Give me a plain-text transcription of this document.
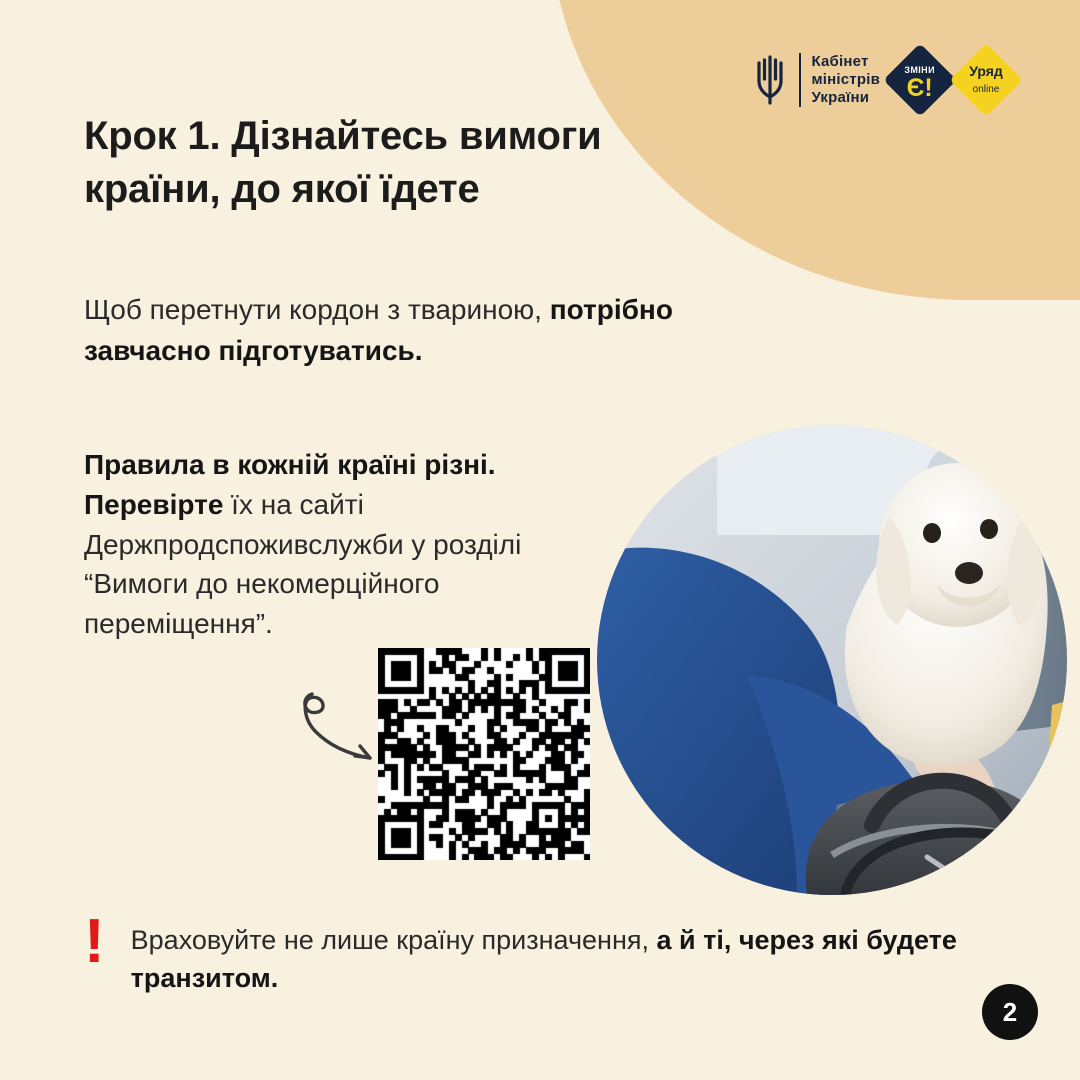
Кабінет
міністрів
України
ЗМІНИ Є!
Уряд online
Крок 1. Дізнайтесь вимоги країни, до якої їдете
Щоб перетнути кордон з твариною, потрібно завчасно підготуватись.
Правила в кожній країні різні. Перевірте їх на сайті Держпродспоживслужби у розділі “Вимоги до некомерційного переміщення”.
! Враховуйте не лише країну призначення, а й ті, через які будете транзитом.
2
